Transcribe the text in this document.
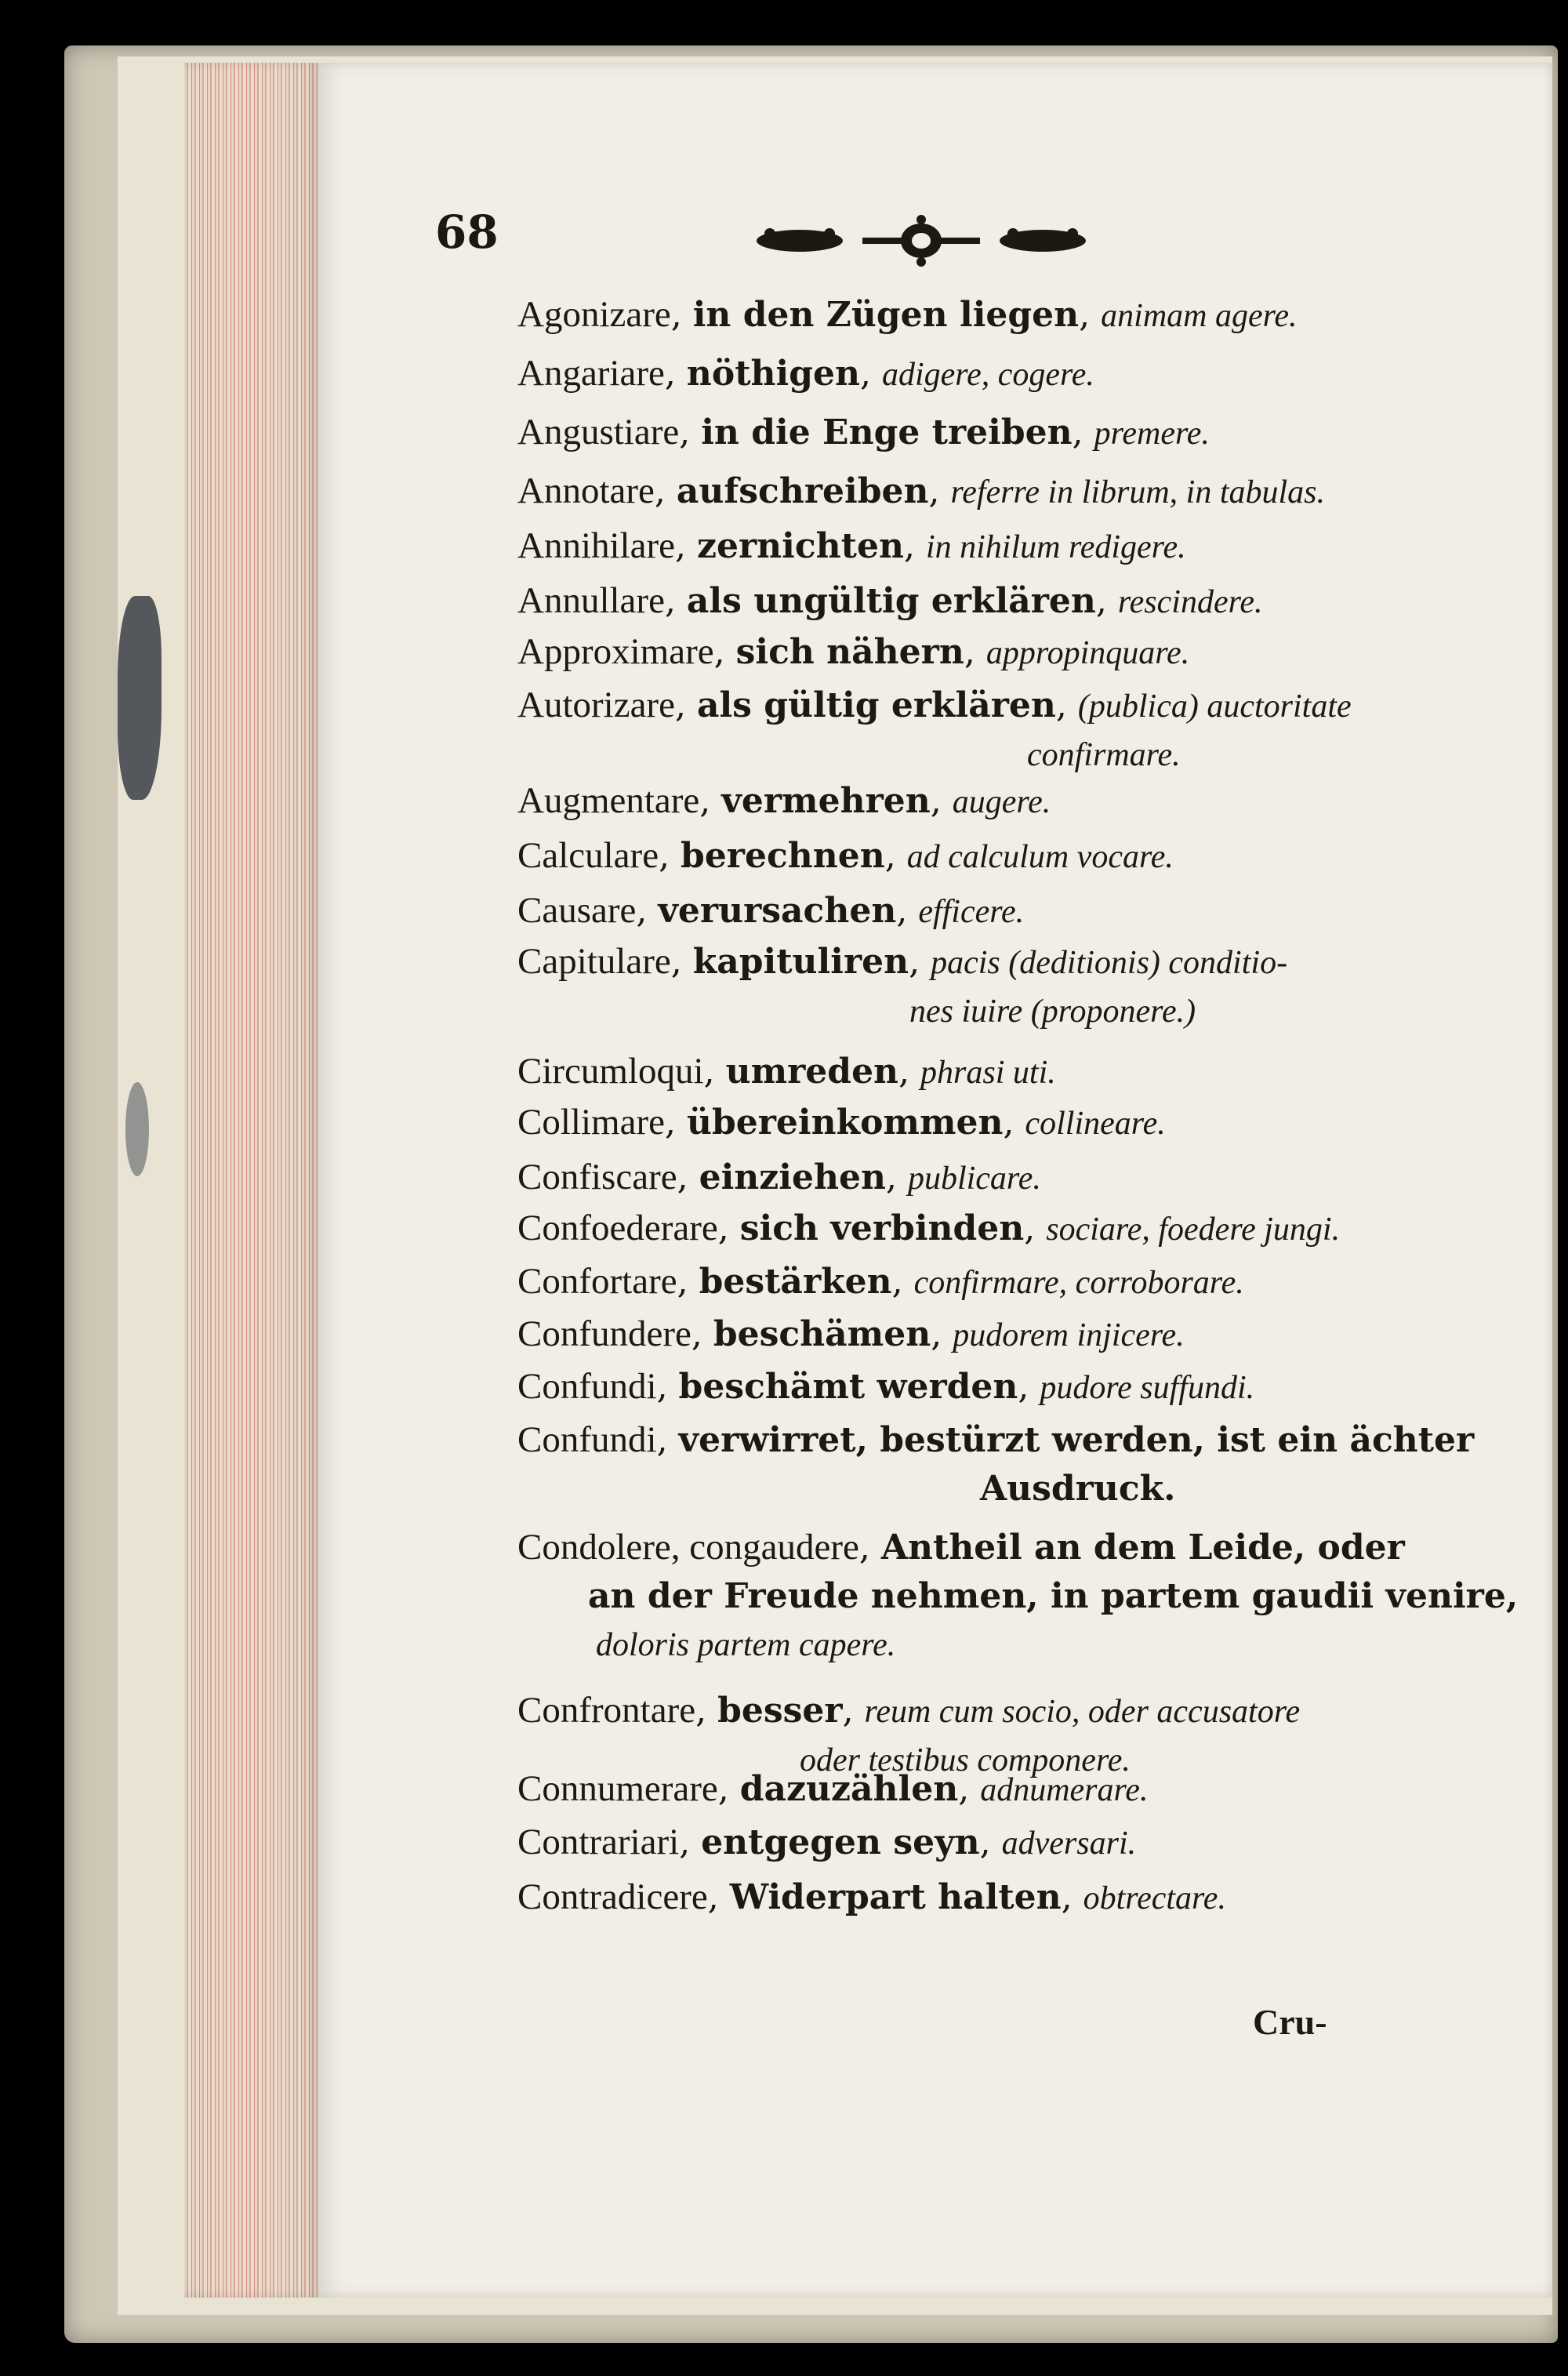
68
Agonizare, in den Zügen liegen, animam agere.
Angariare, nöthigen, adigere, cogere.
Angustiare, in die Enge treiben, premere.
Annotare, aufschreiben, referre in librum, in tabulas.
Annihilare, zernichten, in nihilum redigere.
Annullare, als ungültig erklären, rescindere.
Approximare, sich nähern, appropinquare.
Autorizare, als gültig erklären, (publica) auctoritate
confirmare.
Augmentare, vermehren, augere.
Calculare, berechnen, ad calculum vocare.
Causare, verursachen, efficere.
Capitulare, kapituliren, pacis (deditionis) conditio-
nes iuire (proponere.)
Circumloqui, umreden, phrasi uti.
Collimare, übereinkommen, collineare.
Confiscare, einziehen, publicare.
Confoederare, sich verbinden, sociare, foedere jungi.
Confortare, bestärken, confirmare, corroborare.
Confundere, beschämen, pudorem injicere.
Confundi, beschämt werden, pudore suffundi.
Confundi, verwirret, bestürzt werden, ist ein ächter
Ausdruck.
Condolere, congaudere, Antheil an dem Leide, oder
an der Freude nehmen, in partem gaudii venire,
doloris partem capere.
Confrontare, besser, reum cum socio, oder accusatore
oder testibus componere.
Connumerare, dazuzählen, adnumerare.
Contrariari, entgegen seyn, adversari.
Contradicere, Widerpart halten, obtrectare.
Cru-
